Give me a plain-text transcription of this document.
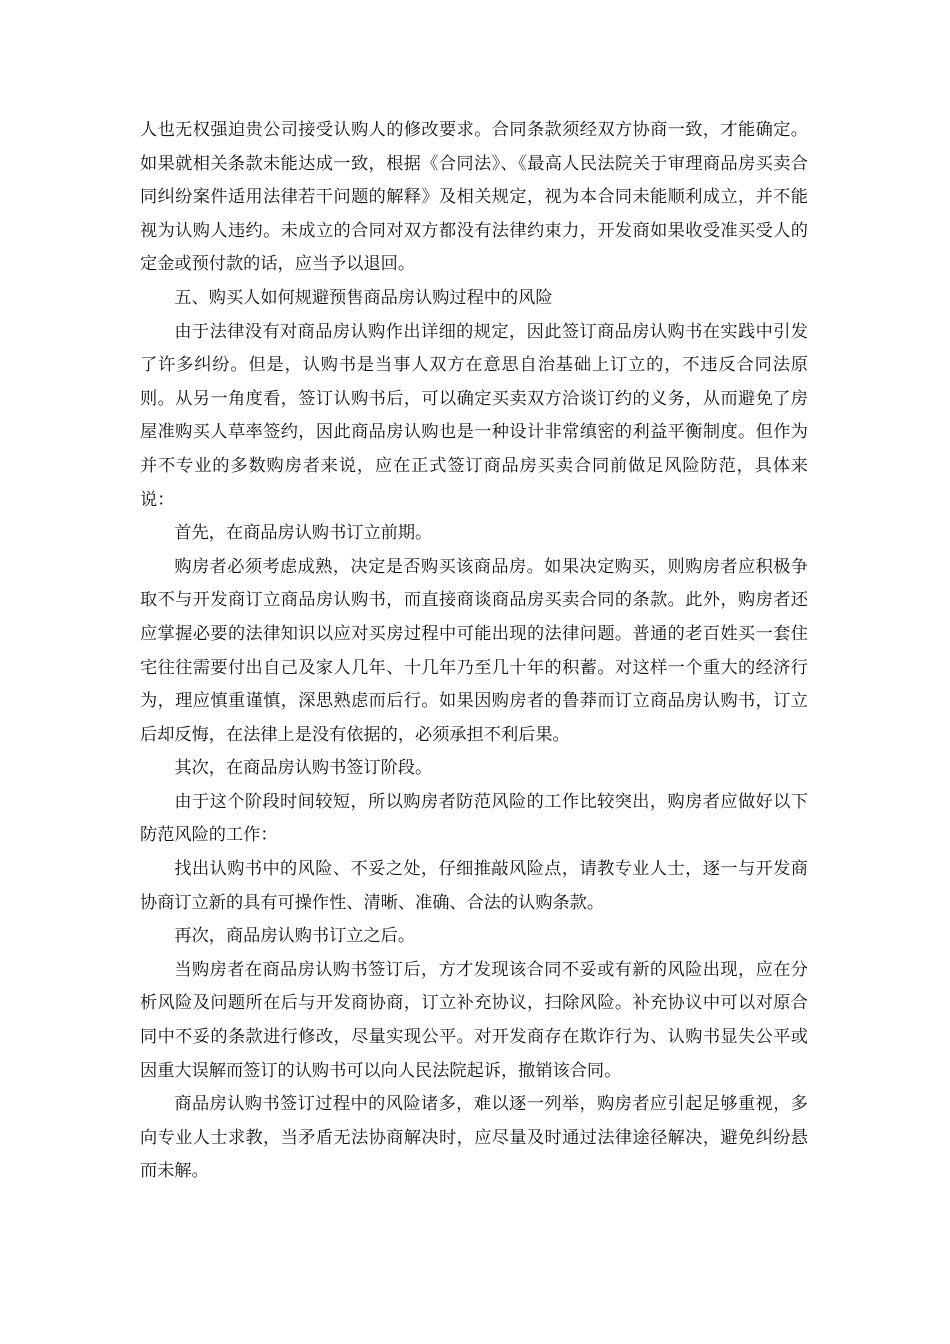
人也无权强迫贵公司接受认购人的修改要求。合同条款须经双方协商一致，才能确定。如果就相关条款未能达成一致，根据《合同法》、《最高人民法院关于审理商品房买卖合同纠纷案件适用法律若干问题的解释》及相关规定，视为本合同未能顺利成立，并不能视为认购人违约。未成立的合同对双方都没有法律约束力，开发商如果收受准买受人的定金或预付款的话，应当予以退回。

五、购买人如何规避预售商品房认购过程中的风险

由于法律没有对商品房认购作出详细的规定，因此签订商品房认购书在实践中引发了许多纠纷。但是，认购书是当事人双方在意思自治基础上订立的，不违反合同法原则。从另一角度看，签订认购书后，可以确定买卖双方洽谈订约的义务，从而避免了房屋准购买人草率签约，因此商品房认购也是一种设计非常缜密的利益平衡制度。但作为并不专业的多数购房者来说，应在正式签订商品房买卖合同前做足风险防范，具体来说：

首先，在商品房认购书订立前期。

购房者必须考虑成熟，决定是否购买该商品房。如果决定购买，则购房者应积极争取不与开发商订立商品房认购书，而直接商谈商品房买卖合同的条款。此外，购房者还应掌握必要的法律知识以应对买房过程中可能出现的法律问题。普通的老百姓买一套住宅往往需要付出自己及家人几年、十几年乃至几十年的积蓄。对这样一个重大的经济行为，理应慎重谨慎，深思熟虑而后行。如果因购房者的鲁莽而订立商品房认购书，订立后却反悔，在法律上是没有依据的，必须承担不利后果。

其次，在商品房认购书签订阶段。

由于这个阶段时间较短，所以购房者防范风险的工作比较突出，购房者应做好以下防范风险的工作：

找出认购书中的风险、不妥之处，仔细推敲风险点，请教专业人士，逐一与开发商协商订立新的具有可操作性、清晰、准确、合法的认购条款。

再次，商品房认购书订立之后。

当购房者在商品房认购书签订后，方才发现该合同不妥或有新的风险出现，应在分析风险及问题所在后与开发商协商，订立补充协议，扫除风险。补充协议中可以对原合同中不妥的条款进行修改，尽量实现公平。对开发商存在欺诈行为、认购书显失公平或因重大误解而签订的认购书可以向人民法院起诉，撤销该合同。

商品房认购书签订过程中的风险诸多，难以逐一列举，购房者应引起足够重视，多向专业人士求教，当矛盾无法协商解决时，应尽量及时通过法律途径解决，避免纠纷悬而未解。
